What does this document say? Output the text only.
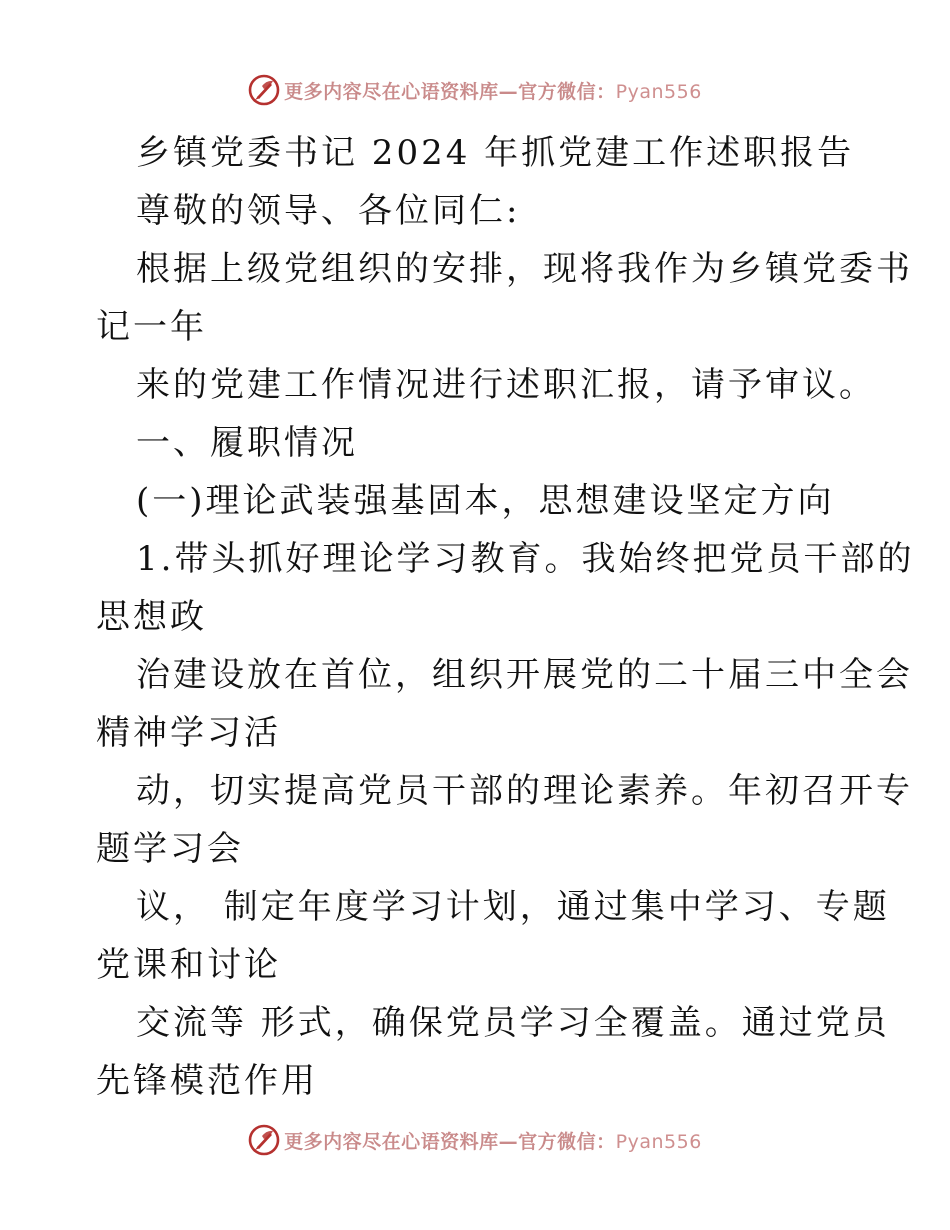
更多内容尽在心语资料库—官方微信：Pyan556
乡镇党委书记 2024 年抓党建工作述职报告
尊敬的领导、各位同仁:
根据上级党组织的安排，现将我作为乡镇党委书
记一年
来的党建工作情况进行述职汇报，请予审议。
一、履职情况
(一)理论武装强基固本，思想建设坚定方向
1.带头抓好理论学习教育。我始终把党员干部的
思想政
治建设放在首位，组织开展党的二十届三中全会
精神学习活
动，切实提高党员干部的理论素养。年初召开专
题学习会
议， 制定年度学习计划，通过集中学习、专题
党课和讨论
交流等 形式，确保党员学习全覆盖。通过党员
先锋模范作用
更多内容尽在心语资料库—官方微信：Pyan556
